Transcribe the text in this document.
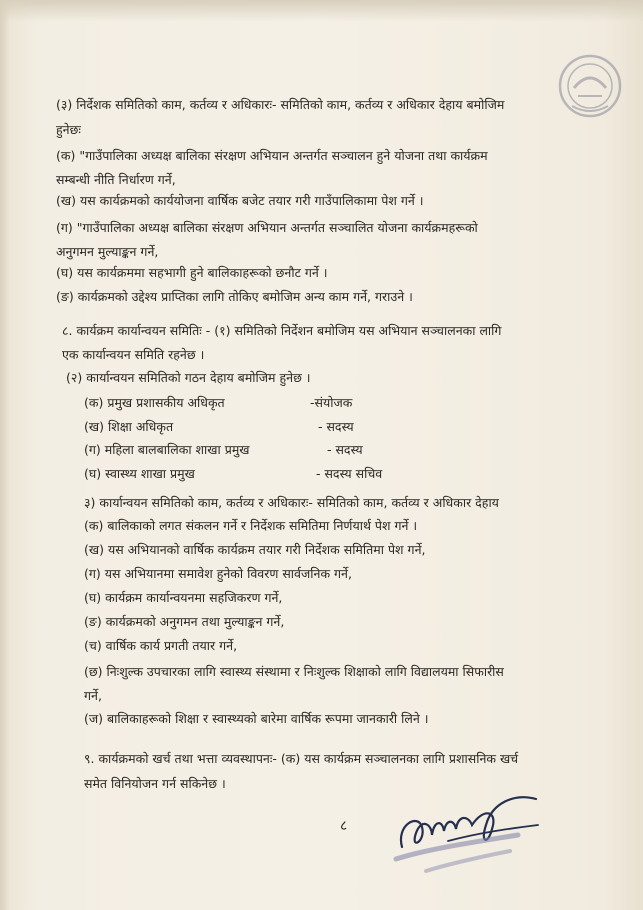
(३) निर्देशक समितिको काम, कर्तव्य र अधिकारः- समितिको काम, कर्तव्य र अधिकार देहाय बमोजिम
हुनेछः
(क) "गाउँपालिका अध्यक्ष बालिका संरक्षण अभियान अन्तर्गत सञ्चालन हुने योजना तथा कार्यक्रम
सम्बन्धी नीति निर्धारण गर्ने,
(ख) यस कार्यक्रमको कार्ययोजना वार्षिक बजेट तयार गरी गाउँपालिकामा पेश गर्ने ।
(ग) "गाउँपालिका अध्यक्ष बालिका संरक्षण अभियान अन्तर्गत सञ्चालित योजना कार्यक्रमहरूको
अनुगमन मुल्याङ्कन गर्ने,
(घ) यस कार्यक्रममा सहभागी हुने बालिकाहरूको छनौट गर्ने ।
(ङ) कार्यक्रमको उद्देश्य प्राप्तिका लागि तोकिए बमोजिम अन्य काम गर्ने, गराउने ।
८. कार्यक्रम कार्यान्वयन समितिः - (१) समितिको निर्देशन बमोजिम यस अभियान सञ्चालनका लागि
एक कार्यान्वयन समिति रहनेछ ।
(२) कार्यान्वयन समितिको गठन देहाय बमोजिम हुनेछ ।
(क) प्रमुख प्रशासकीय अधिकृत	-संयोजक
(ख) शिक्षा अधिकृत	- सदस्य
(ग) महिला बालबालिका शाखा प्रमुख	- सदस्य
(घ) स्वास्थ्य शाखा प्रमुख	- सदस्य सचिव
३) कार्यान्वयन समितिको काम, कर्तव्य र अधिकारः- समितिको काम, कर्तव्य र अधिकार देहाय
(क) बालिकाको लगत संकलन गर्ने र निर्देशक समितिमा निर्णयार्थ पेश गर्ने ।
(ख) यस अभियानको वार्षिक कार्यक्रम तयार गरी निर्देशक समितिमा पेश गर्ने,
(ग) यस अभियानमा समावेश हुनेको विवरण सार्वजनिक गर्ने,
(घ) कार्यक्रम कार्यान्वयनमा सहजिकरण गर्ने,
(ङ) कार्यक्रमको अनुगमन तथा मुल्याङ्कन गर्ने,
(च) वार्षिक कार्य प्रगती तयार गर्ने,
(छ) निःशुल्क उपचारका लागि स्वास्थ्य संस्थामा र निःशुल्क शिक्षाको लागि विद्यालयमा सिफारीस
गर्ने,
(ज) बालिकाहरूको शिक्षा र स्वास्थ्यको बारेमा वार्षिक रूपमा जानकारी लिने ।
९. कार्यक्रमको खर्च तथा भत्ता व्यवस्थापनः- (क) यस कार्यक्रम सञ्चालनका लागि प्रशासनिक खर्च
समेत विनियोजन गर्न सकिनेछ ।
८
